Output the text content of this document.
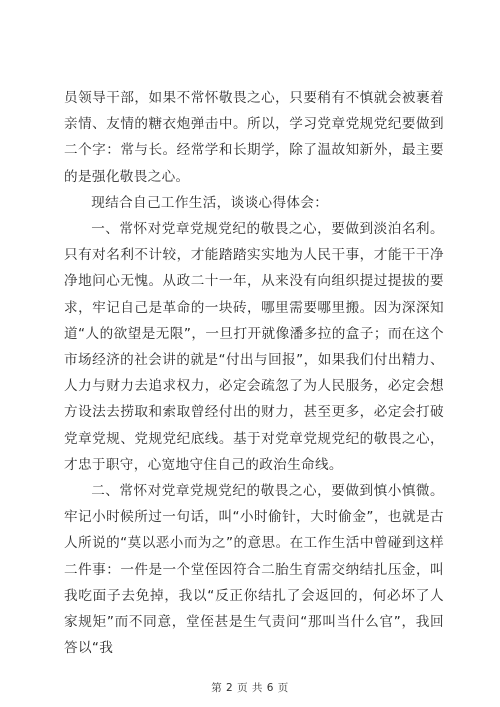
员领导干部，如果不常怀敬畏之心，只要稍有不慎就会被裹着亲情、友情的糖衣炮弹击中。所以，学习党章党规党纪要做到二个字：常与长。经常学和长期学，除了温故知新外，最主要的是强化敬畏之心。

现结合自己工作生活，谈谈心得体会：

一、常怀对党章党规党纪的敬畏之心，要做到淡泊名利。只有对名利不计较，才能踏踏实实地为人民干事，才能干干净净地问心无愧。从政二十一年，从来没有向组织提过提拔的要求，牢记自己是革命的一块砖，哪里需要哪里搬。因为深深知道“人的欲望是无限”，一旦打开就像潘多拉的盒子；而在这个市场经济的社会讲的就是“付出与回报”，如果我们付出精力、人力与财力去追求权力，必定会疏忽了为人民服务，必定会想方设法去捞取和索取曾经付出的财力，甚至更多，必定会打破党章党规、党规党纪底线。基于对党章党规党纪的敬畏之心，才忠于职守，心宽地守住自己的政治生命线。

二、常怀对党章党规党纪的敬畏之心，要做到慎小慎微。牢记小时候所过一句话，叫“小时偷针，大时偷金”，也就是古人所说的“莫以恶小而为之”的意思。在工作生活中曾碰到这样二件事：一件是一个堂侄因符合二胎生育需交纳结扎压金，叫我吃面子去免掉，我以“反正你结扎了会返回的，何必坏了人家规矩”而不同意，堂侄甚是生气责问“那叫当什么官”，我回答以“我

第 2 页 共 6 页
